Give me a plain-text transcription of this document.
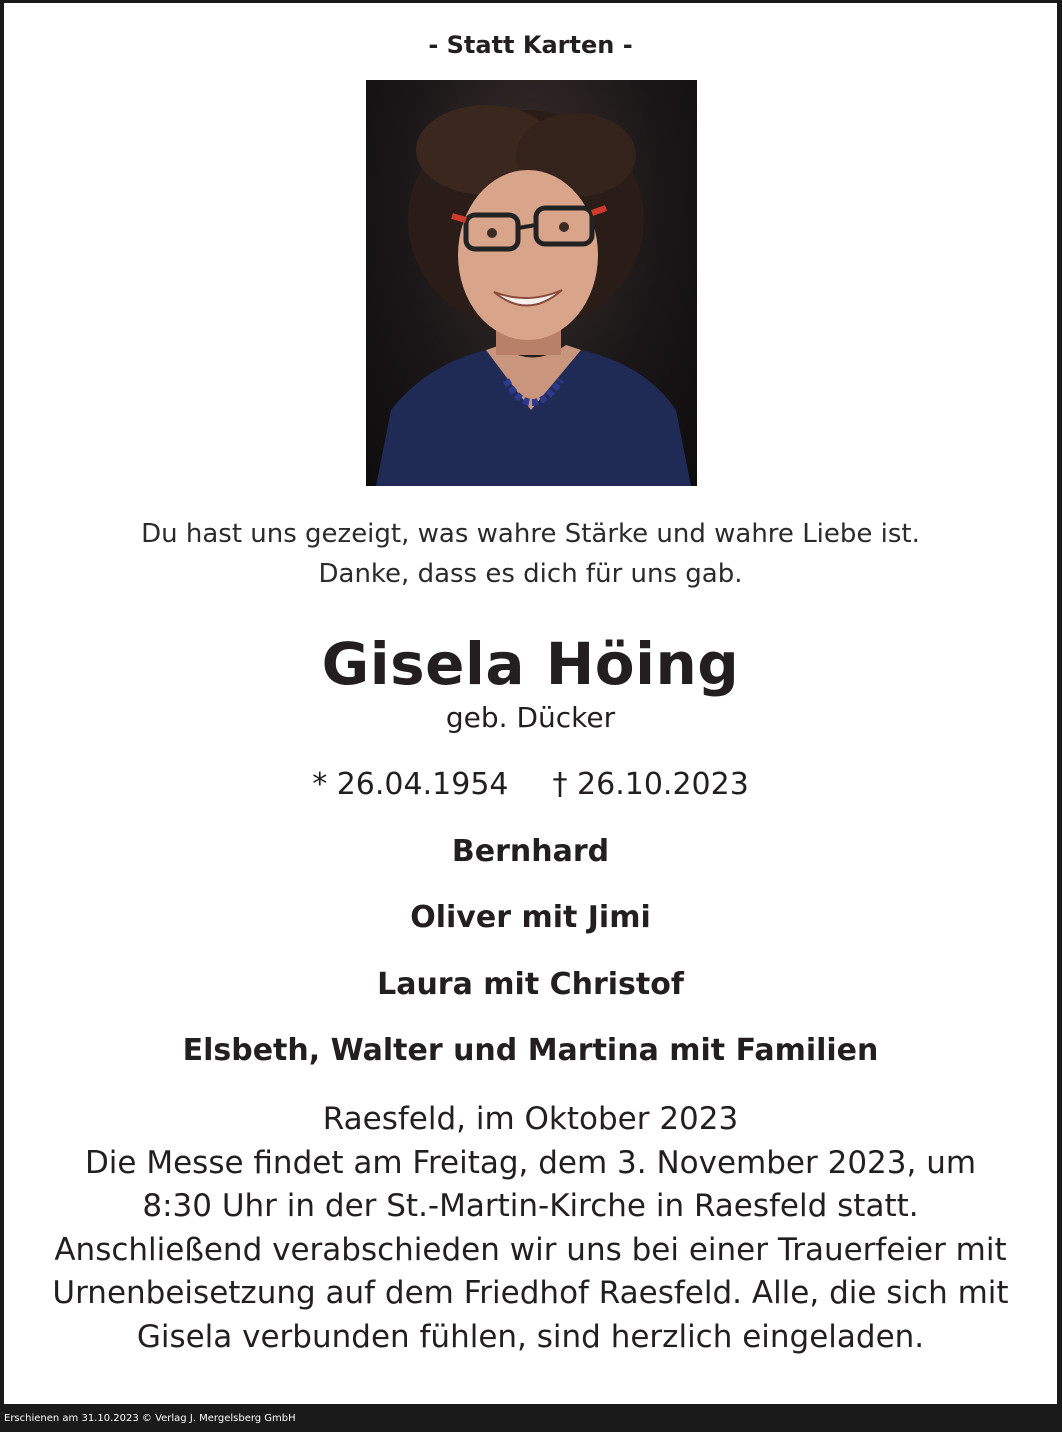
- Statt Karten -
Du hast uns gezeigt, was wahre Stärke und wahre Liebe ist.
Danke, dass es dich für uns gab.
Gisela Höing
geb. Dücker
* 26.04.1954 † 26.10.2023
Bernhard
Oliver mit Jimi
Laura mit Christof
Elsbeth, Walter und Martina mit Familien
Raesfeld, im Oktober 2023
Die Messe findet am Freitag, dem 3. November 2023, um
8:30 Uhr in der St.-Martin-Kirche in Raesfeld statt.
Anschließend verabschieden wir uns bei einer Trauerfeier mit
Urnenbeisetzung auf dem Friedhof Raesfeld. Alle, die sich mit
Gisela verbunden fühlen, sind herzlich eingeladen.
Erschienen am 31.10.2023 © Verlag J. Mergelsberg GmbH
